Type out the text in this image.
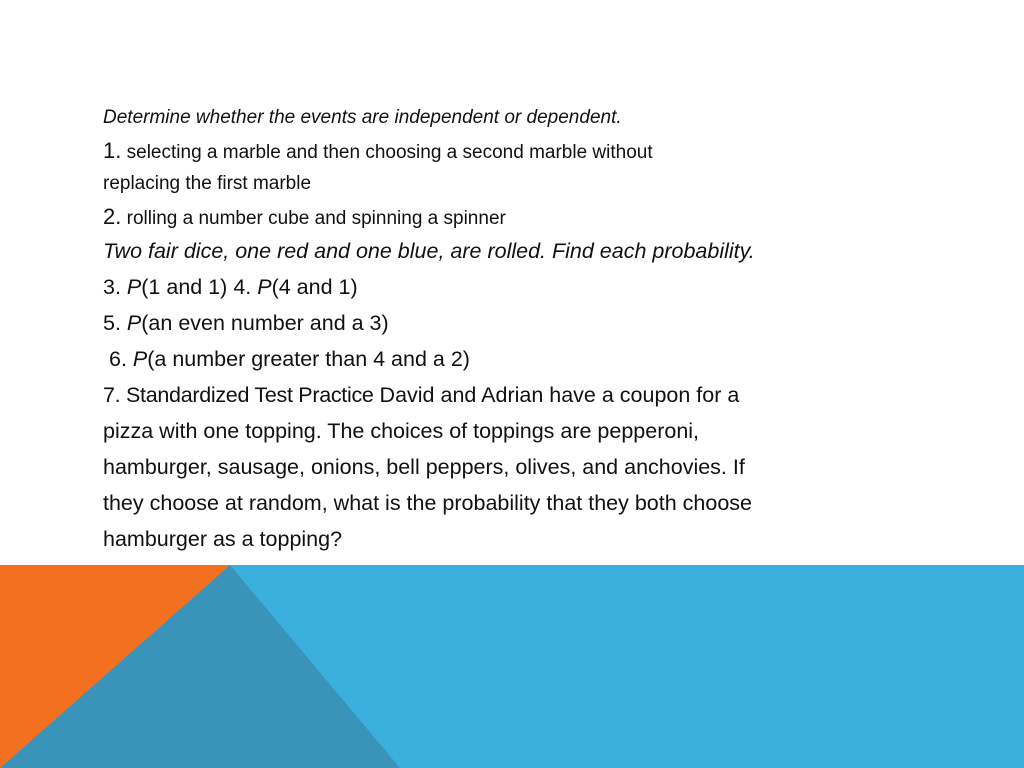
Determine whether the events are independent or dependent.
1. selecting a marble and then choosing a second marble without
replacing the first marble
2. rolling a number cube and spinning a spinner
Two fair dice, one red and one blue, are rolled. Find each probability.
3. P(1 and 1) 4. P(4 and 1)
5. P(an even number and a 3)
6. P(a number greater than 4 and a 2)
7. Standardized Test Practice David and Adrian have a coupon for a
pizza with one topping. The choices of toppings are pepperoni,
hamburger, sausage, onions, bell peppers, olives, and anchovies. If
they choose at random, what is the probability that they both choose
hamburger as a topping?
